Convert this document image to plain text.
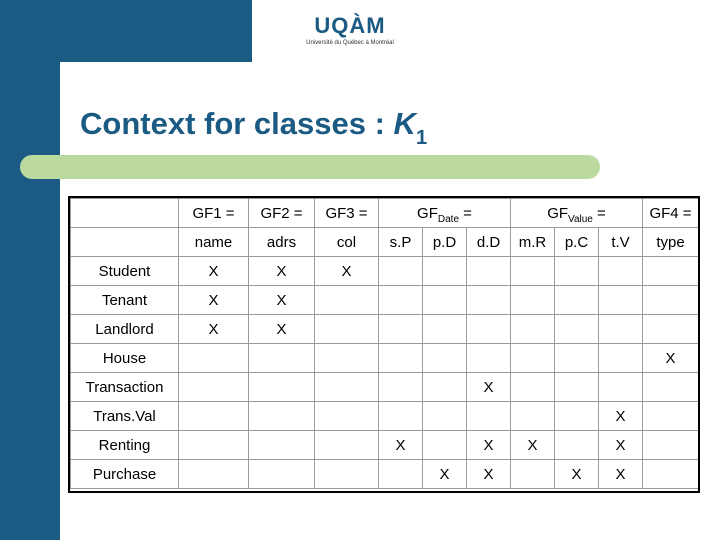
UQÀM
Université du Québec à Montréal
Context for classes : $K_1$
	GF1 =	GF2 =	GF3 =	$GF_{Date}$ =			$GF_{Value}$ =			GF4 =
	name	adrs	col	s.P	p.D	d.D	m.R	p.C	t.V	type
Student	X	X	X							
Tenant	X	X								
Landlord	X	X								
House										X
Transaction						X				
Trans.Val									X	
Renting				X		X	X		X	
Purchase					X	X		X	X	
